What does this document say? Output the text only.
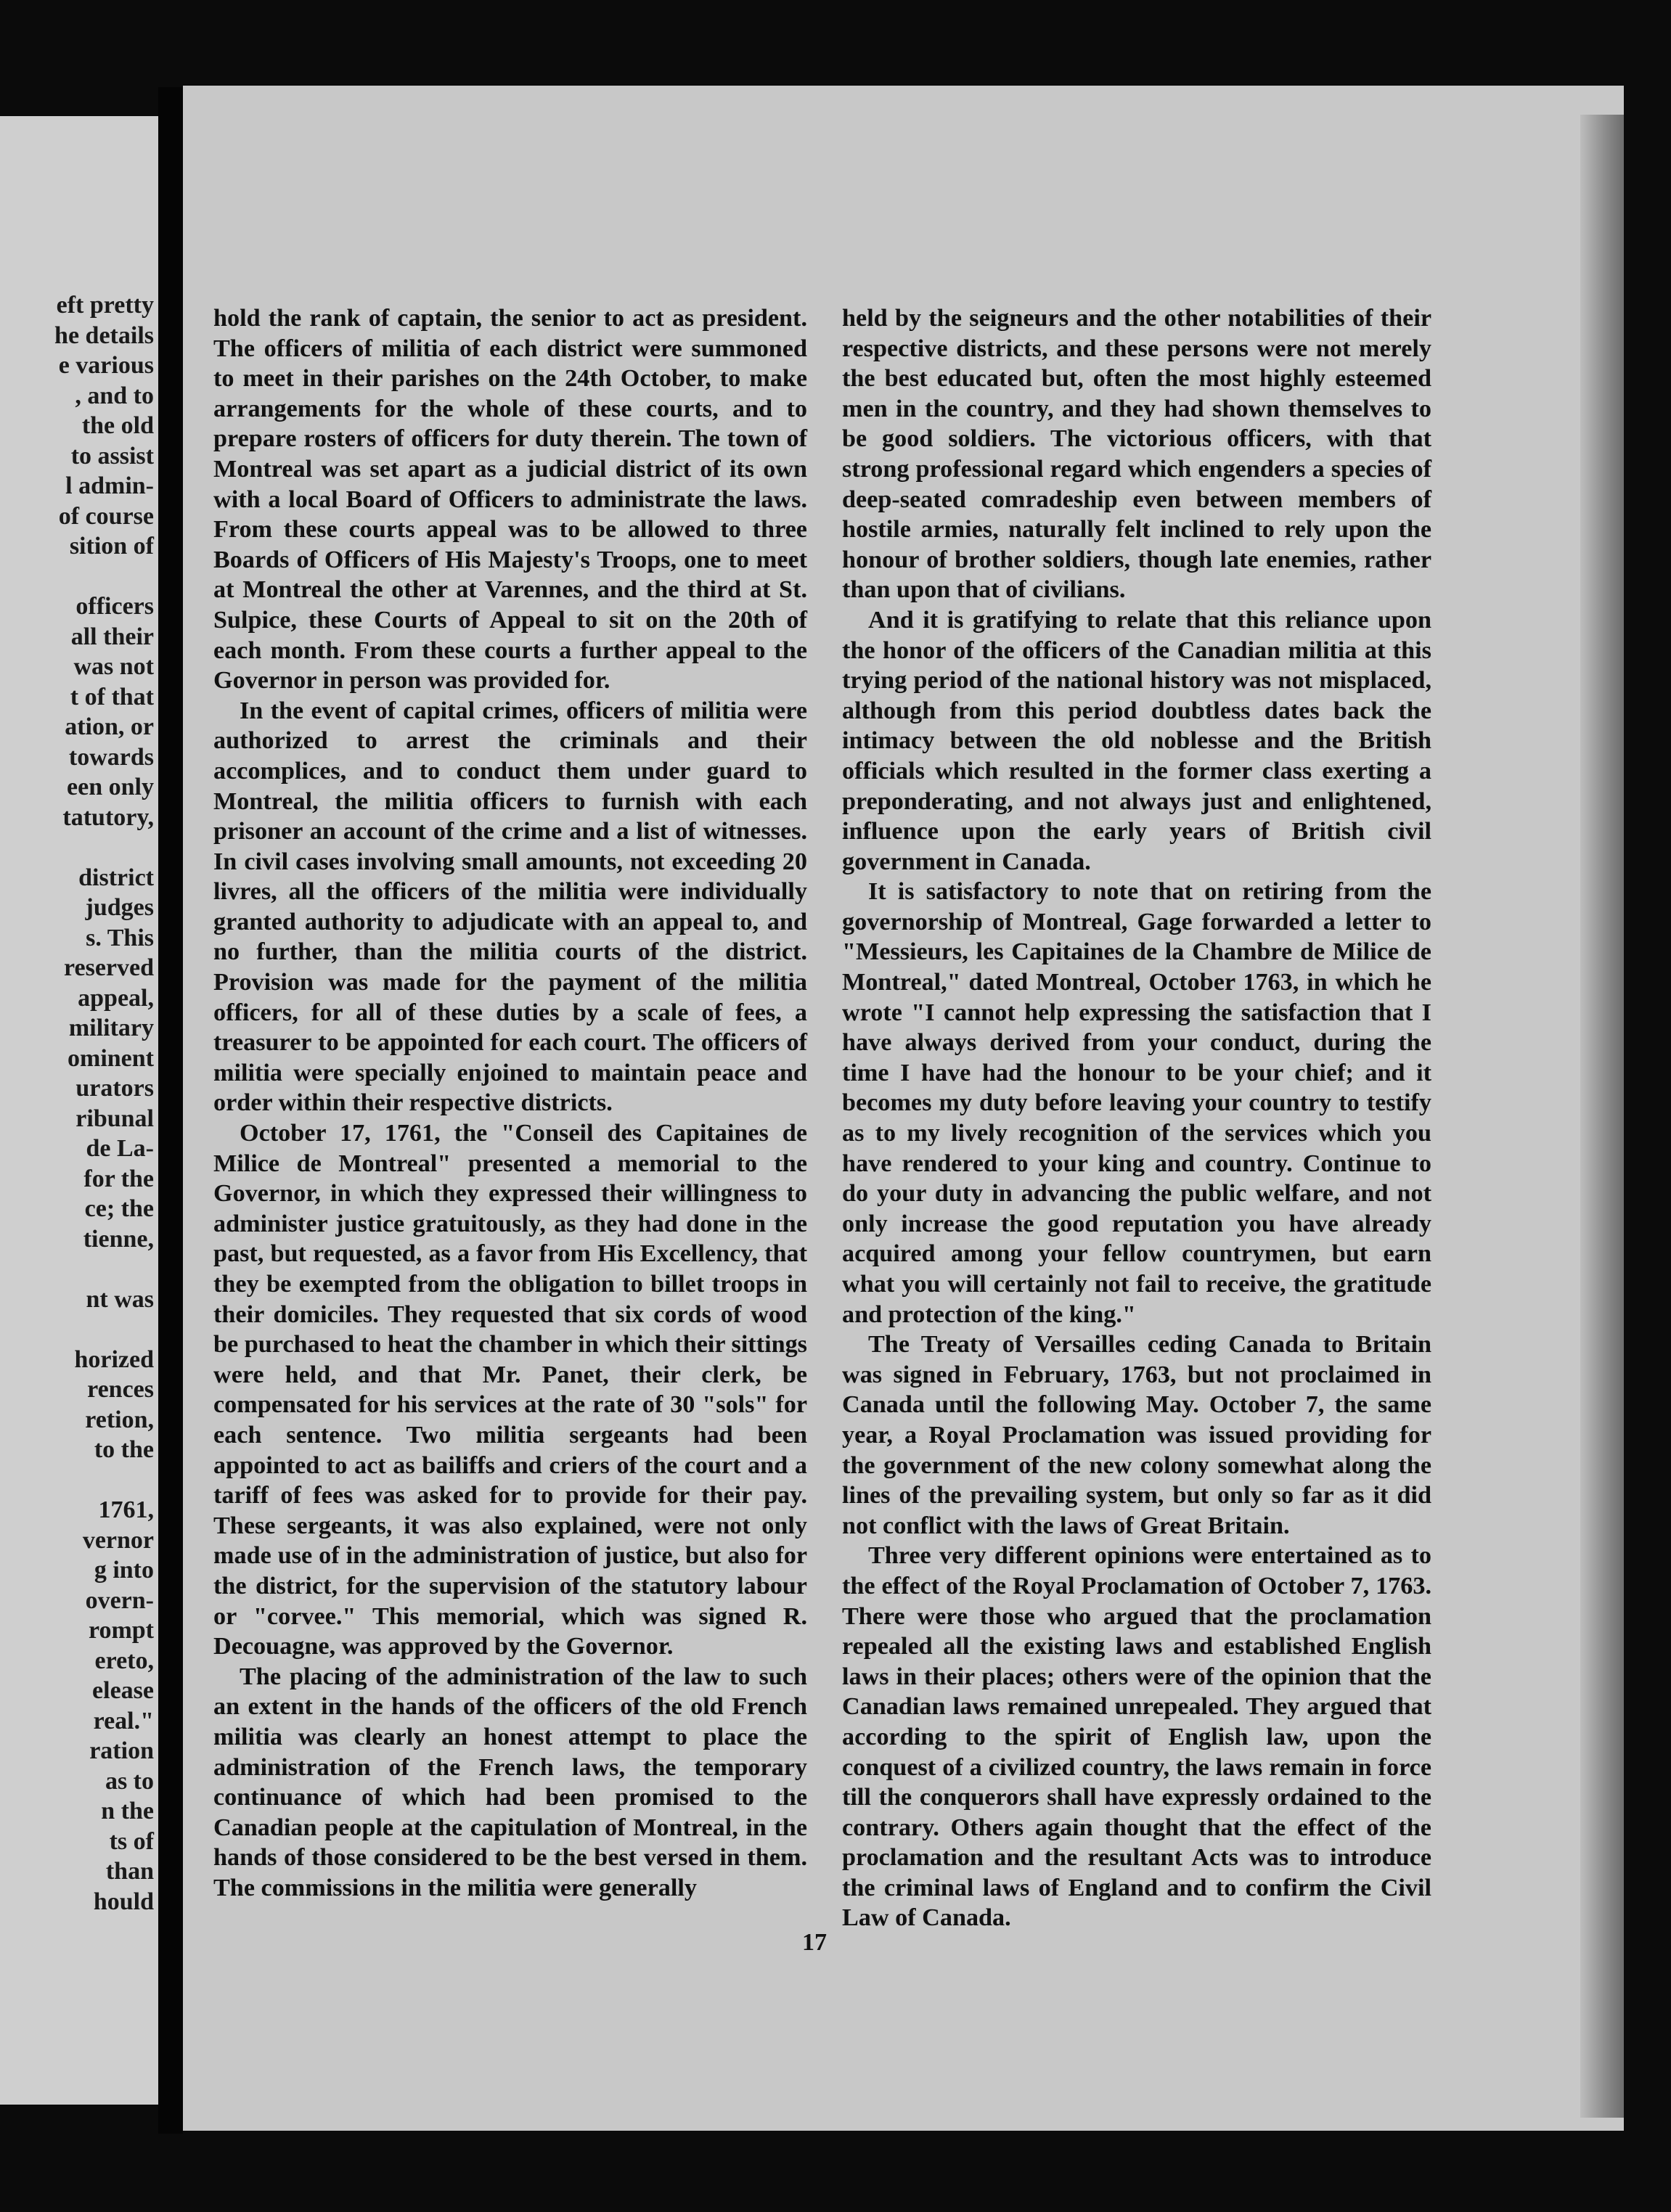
eft pretty
he details
e various
, and to
the old
to assist
l admin-
of course
sition of
officers
all their
was not
t of that
ation, or
towards
een only
tatutory,
district
judges
s. This
reserved
appeal,
military
ominent
urators
ribunal
de La-
for the
ce; the
tienne,
nt was
horized
rences
retion,
to the
1761,
vernor
g into
overn-
rompt
ereto,
elease
real."
ration
as to
n the
ts of
than
hould

hold the rank of captain, the senior to act as president. The officers of militia of each district were summoned to meet in their parishes on the 24th October, to make arrangements for the whole of these courts, and to prepare rosters of officers for duty therein. The town of Montreal was set apart as a judicial district of its own with a local Board of Officers to administrate the laws. From these courts appeal was to be allowed to three Boards of Officers of His Majesty's Troops, one to meet at Montreal the other at Varennes, and the third at St. Sulpice, these Courts of Appeal to sit on the 20th of each month. From these courts a further appeal to the Governor in person was provided for.

In the event of capital crimes, officers of militia were authorized to arrest the criminals and their accomplices, and to conduct them under guard to Montreal, the militia officers to furnish with each prisoner an account of the crime and a list of witnesses. In civil cases involving small amounts, not exceeding 20 livres, all the officers of the militia were individually granted authority to adjudicate with an appeal to, and no further, than the militia courts of the district. Provision was made for the payment of the militia officers, for all of these duties by a scale of fees, a treasurer to be appointed for each court. The officers of militia were specially enjoined to maintain peace and order within their respective districts.

October 17, 1761, the "Conseil des Capitaines de Milice de Montreal" presented a memorial to the Governor, in which they expressed their willingness to administer justice gratuitously, as they had done in the past, but requested, as a favor from His Excellency, that they be exempted from the obligation to billet troops in their domiciles. They requested that six cords of wood be purchased to heat the chamber in which their sittings were held, and that Mr. Panet, their clerk, be compensated for his services at the rate of 30 "sols" for each sentence. Two militia sergeants had been appointed to act as bailiffs and criers of the court and a tariff of fees was asked for to provide for their pay. These sergeants, it was also explained, were not only made use of in the administration of justice, but also for the district, for the supervision of the statutory labour or "corvee." This memorial, which was signed R. Decouagne, was approved by the Governor.

The placing of the administration of the law to such an extent in the hands of the officers of the old French militia was clearly an honest attempt to place the administration of the French laws, the temporary continuance of which had been promised to the Canadian people at the capitulation of Montreal, in the hands of those considered to be the best versed in them. The commissions in the militia were generally

held by the seigneurs and the other notabilities of their respective districts, and these persons were not merely the best educated but, often the most highly esteemed men in the country, and they had shown themselves to be good soldiers. The victorious officers, with that strong professional regard which engenders a species of deep-seated comradeship even between members of hostile armies, naturally felt inclined to rely upon the honour of brother soldiers, though late enemies, rather than upon that of civilians.

And it is gratifying to relate that this reliance upon the honor of the officers of the Canadian militia at this trying period of the national history was not misplaced, although from this period doubtless dates back the intimacy between the old noblesse and the British officials which resulted in the former class exerting a preponderating, and not always just and enlightened, influence upon the early years of British civil government in Canada.

It is satisfactory to note that on retiring from the governorship of Montreal, Gage forwarded a letter to "Messieurs, les Capitaines de la Chambre de Milice de Montreal," dated Montreal, October 1763, in which he wrote "I cannot help expressing the satisfaction that I have always derived from your conduct, during the time I have had the honour to be your chief; and it becomes my duty before leaving your country to testify as to my lively recognition of the services which you have rendered to your king and country. Continue to do your duty in advancing the public welfare, and not only increase the good reputation you have already acquired among your fellow countrymen, but earn what you will certainly not fail to receive, the gratitude and protection of the king."

The Treaty of Versailles ceding Canada to Britain was signed in February, 1763, but not proclaimed in Canada until the following May. October 7, the same year, a Royal Proclamation was issued providing for the government of the new colony somewhat along the lines of the prevailing system, but only so far as it did not conflict with the laws of Great Britain.

Three very different opinions were entertained as to the effect of the Royal Proclamation of October 7, 1763. There were those who argued that the proclamation repealed all the existing laws and established English laws in their places; others were of the opinion that the Canadian laws remained unrepealed. They argued that according to the spirit of English law, upon the conquest of a civilized country, the laws remain in force till the conquerors shall have expressly ordained to the contrary. Others again thought that the effect of the proclamation and the resultant Acts was to introduce the criminal laws of England and to confirm the Civil Law of Canada.

17
